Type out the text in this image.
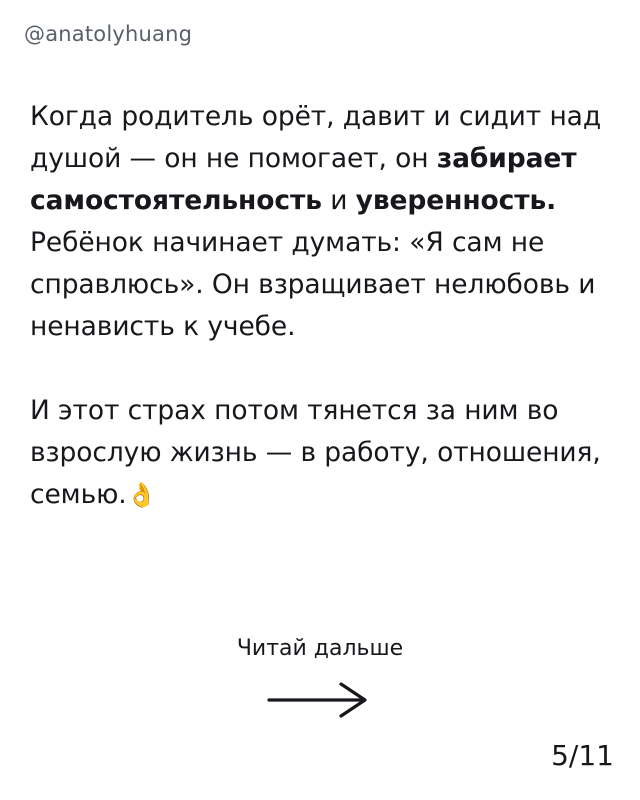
@anatolyhuang

Когда родитель орёт, давит и сидит над душой — он не помогает, он забирает самостоятельность и уверенность. Ребёнок начинает думать: «Я сам не справлюсь». Он взращивает нелюбовь и ненависть к учебе.

И этот страх потом тянется за ним во взрослую жизнь — в работу, отношения, семью.👌

Читай дальше
5/11
